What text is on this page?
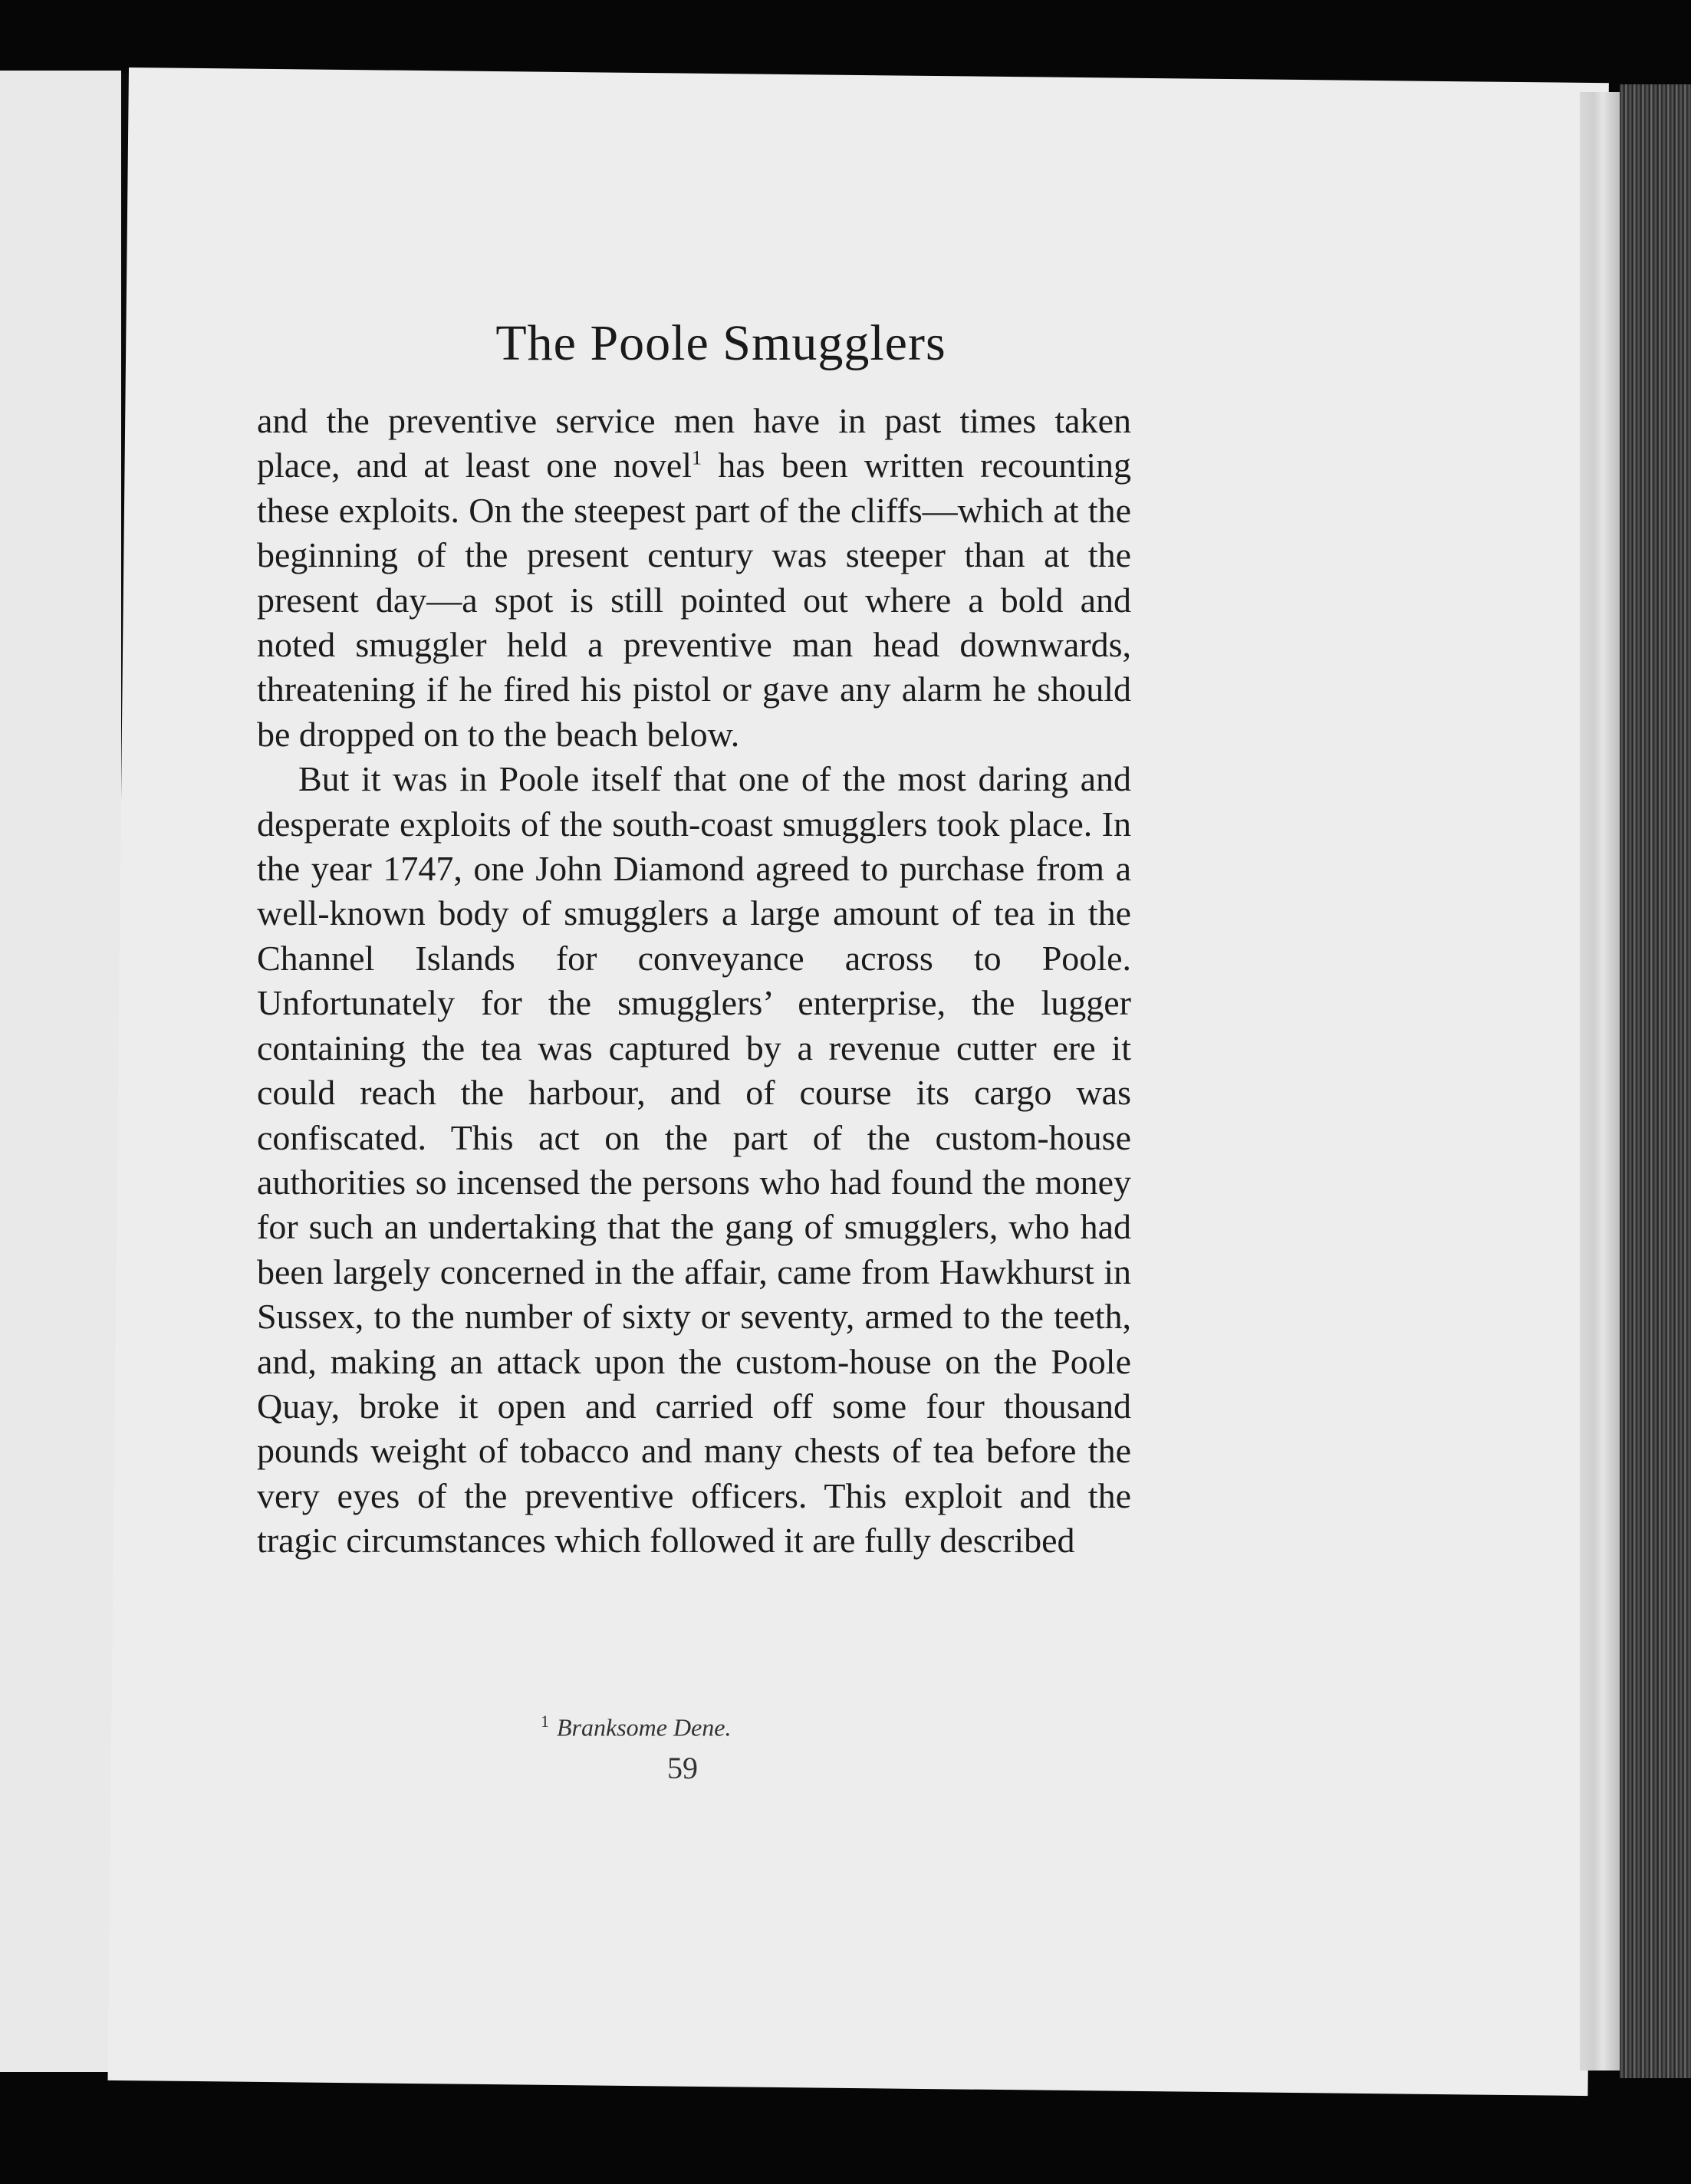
The Poole Smugglers

and the preventive service men have in past times taken place, and at least one novel$^1$ has been written recounting these exploits. On the steepest part of the cliffs—which at the beginning of the present century was steeper than at the present day—a spot is still pointed out where a bold and noted smuggler held a preventive man head downwards, threatening if he fired his pistol or gave any alarm he should be dropped on to the beach below.

But it was in Poole itself that one of the most daring and desperate exploits of the south-coast smugglers took place. In the year 1747, one John Diamond agreed to purchase from a well-known body of smugglers a large amount of tea in the Channel Islands for conveyance across to Poole. Unfortunately for the smugglers’ enterprise, the lugger containing the tea was captured by a revenue cutter ere it could reach the harbour, and of course its cargo was confiscated. This act on the part of the custom-house authorities so incensed the persons who had found the money for such an undertaking that the gang of smugglers, who had been largely concerned in the affair, came from Hawkhurst in Sussex, to the number of sixty or seventy, armed to the teeth, and, making an attack upon the custom-house on the Poole Quay, broke it open and carried off some four thousand pounds weight of tobacco and many chests of tea before the very eyes of the preventive officers. This exploit and the tragic circumstances which followed it are fully described

$^1$ Branksome Dene.
59
